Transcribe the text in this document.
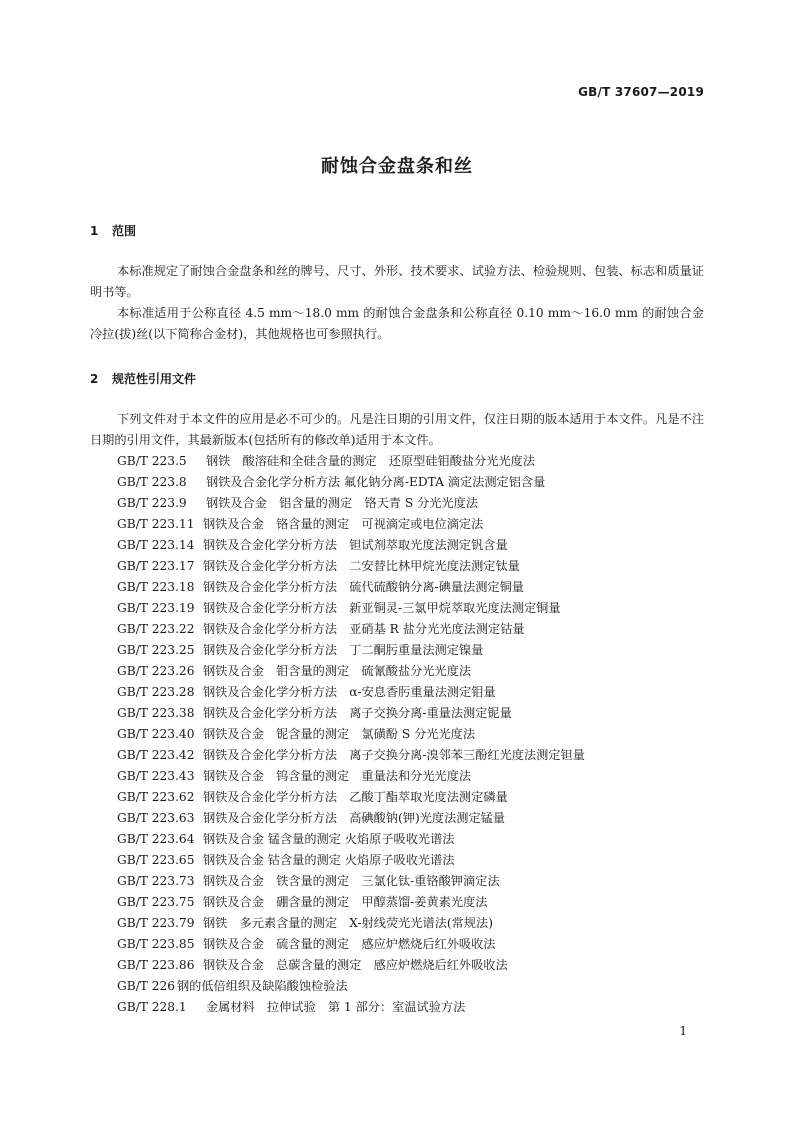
GB/T 37607—2019
耐蚀合金盘条和丝
1 范围
本标准规定了耐蚀合金盘条和丝的牌号、尺寸、外形、技术要求、试验方法、检验规则、包装、标志和质量证明书等。
本标准适用于公称直径 4.5 mm～18.0 mm 的耐蚀合金盘条和公称直径 0.10 mm～16.0 mm 的耐蚀合金冷拉(拔)丝(以下简称合金材)，其他规格也可参照执行。
2 规范性引用文件
下列文件对于本文件的应用是必不可少的。凡是注日期的引用文件，仅注日期的版本适用于本文件。凡是不注日期的引用文件，其最新版本(包括所有的修改单)适用于本文件。
GB/T 223.5 钢铁　酸溶硅和全硅含量的测定　还原型硅钼酸盐分光光度法
GB/T 223.8 钢铁及合金化学分析方法 氟化钠分离-EDTA 滴定法测定铝含量
GB/T 223.9 钢铁及合金　铝含量的测定　铬天青 S 分光光度法
GB/T 223.11 钢铁及合金　铬含量的测定　可视滴定或电位滴定法
GB/T 223.14 钢铁及合金化学分析方法　钽试剂萃取光度法测定钒含量
GB/T 223.17 钢铁及合金化学分析方法　二安替比林甲烷光度法测定钛量
GB/T 223.18 钢铁及合金化学分析方法　硫代硫酸钠分离-碘量法测定铜量
GB/T 223.19 钢铁及合金化学分析方法　新亚铜灵-三氯甲烷萃取光度法测定铜量
GB/T 223.22 钢铁及合金化学分析方法　亚硝基 R 盐分光光度法测定钴量
GB/T 223.25 钢铁及合金化学分析方法　丁二酮肟重量法测定镍量
GB/T 223.26 钢铁及合金　钼含量的测定　硫氰酸盐分光光度法
GB/T 223.28 钢铁及合金化学分析方法　α-安息香肟重量法测定钼量
GB/T 223.38 钢铁及合金化学分析方法　离子交换分离-重量法测定铌量
GB/T 223.40 钢铁及合金　铌含量的测定　氯磺酚 S 分光光度法
GB/T 223.42 钢铁及合金化学分析方法　离子交换分离-溴邻苯三酚红光度法测定钽量
GB/T 223.43 钢铁及合金　钨含量的测定　重量法和分光光度法
GB/T 223.62 钢铁及合金化学分析方法　乙酸丁酯萃取光度法测定磷量
GB/T 223.63 钢铁及合金化学分析方法　高碘酸钠(钾)光度法测定锰量
GB/T 223.64 钢铁及合金 锰含量的测定 火焰原子吸收光谱法
GB/T 223.65 钢铁及合金 钴含量的测定 火焰原子吸收光谱法
GB/T 223.73 钢铁及合金　铁含量的测定　三氯化钛-重铬酸钾滴定法
GB/T 223.75 钢铁及合金　硼含量的测定　甲醇蒸馏-姜黄素光度法
GB/T 223.79 钢铁　多元素含量的测定　X-射线荧光光谱法(常规法)
GB/T 223.85 钢铁及合金　硫含量的测定　感应炉燃烧后红外吸收法
GB/T 223.86 钢铁及合金　总碳含量的测定　感应炉燃烧后红外吸收法
GB/T 226 钢的低倍组织及缺陷酸蚀检验法
GB/T 228.1 金属材料　拉伸试验　第 1 部分：室温试验方法
1
